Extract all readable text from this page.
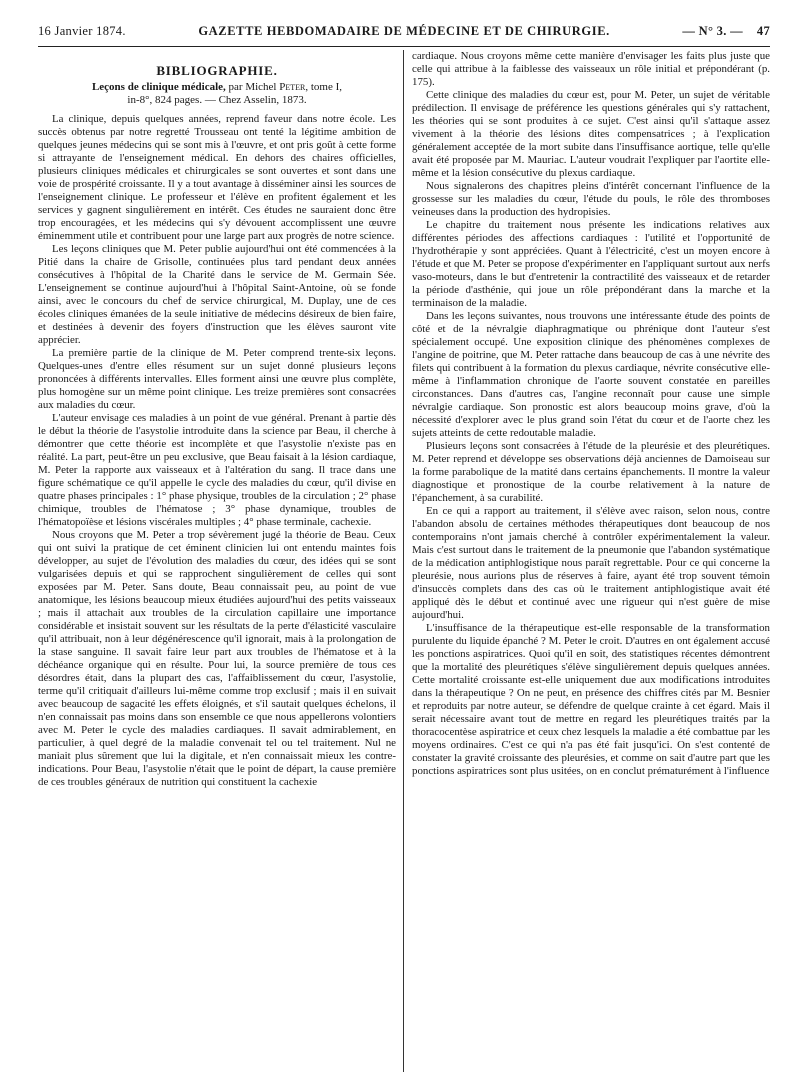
16 Janvier 1874.	GAZETTE HEBDOMADAIRE DE MÉDECINE ET DE CHIRURGIE.	— N° 3. — 47
BIBLIOGRAPHIE.
Leçons de clinique médicale, par Michel Peter, tome I,
in-8°, 824 pages. — Chez Asselin, 1873.

La clinique, depuis quelques années, reprend faveur dans notre école. Les succès obtenus par notre regretté Trousseau ont tenté la légitime ambition de quelques jeunes médecins qui se sont mis à l'œuvre, et ont pris goût à cette forme si attrayante de l'enseignement médical. En dehors des chaires officielles, plusieurs cliniques médicales et chirurgicales se sont ouvertes et sont dans une voie de prospérité croissante. Il y a tout avantage à disséminer ainsi les sources de l'enseignement clinique. Le professeur et l'élève en profitent également et les services y gagnent singulièrement en intérêt. Ces études ne sauraient donc être trop encouragées, et les médecins qui s'y dévouent accomplissent une œuvre éminemment utile et contribuent pour une large part aux progrès de notre science.

Les leçons cliniques que M. Peter publie aujourd'hui ont été commencées à la Pitié dans la chaire de Grisolle, continuées plus tard pendant deux années consécutives à l'hôpital de la Charité dans le service de M. Germain Sée. L'enseignement se continue aujourd'hui à l'hôpital Saint-Antoine, où se fonde ainsi, avec le concours du chef de service chirurgical, M. Duplay, une de ces écoles cliniques émanées de la seule initiative de médecins désireux de bien faire, et destinées à devenir des foyers d'instruction que les élèves sauront vite apprécier.

La première partie de la clinique de M. Peter comprend trente-six leçons. Quelques-unes d'entre elles résument sur un sujet donné plusieurs leçons prononcées à différents intervalles. Elles forment ainsi une œuvre plus complète, plus homogène sur un même point clinique. Les treize premières sont consacrées aux maladies du cœur.

L'auteur envisage ces maladies à un point de vue général. Prenant à partie dès le début la théorie de l'asystolie introduite dans la science par Beau, il cherche à démontrer que cette théorie est incomplète et que l'asystolie n'existe pas en réalité. La part, peut-être un peu exclusive, que Beau faisait à la lésion cardiaque, M. Peter la rapporte aux vaisseaux et à l'altération du sang. Il trace dans une figure schématique ce qu'il appelle le cycle des maladies du cœur, qu'il divise en quatre phases principales : 1° phase physique, troubles de la circulation ; 2° phase chimique, troubles de l'hématose ; 3° phase dynamique, troubles de l'hématopoïèse et lésions viscérales multiples ; 4° phase terminale, cachexie.

Nous croyons que M. Peter a trop sévèrement jugé la théorie de Beau. Ceux qui ont suivi la pratique de cet éminent clinicien lui ont entendu maintes fois développer, au sujet de l'évolution des maladies du cœur, des idées qui se sont vulgarisées depuis et qui se rapprochent singulièrement de celles qui sont exposées par M. Peter. Sans doute, Beau connaissait peu, au point de vue anatomique, les lésions beaucoup mieux étudiées aujourd'hui des petits vaisseaux ; mais il attachait aux troubles de la circulation capillaire une importance considérable et insistait souvent sur les résultats de la perte d'élasticité vasculaire qu'il attribuait, non à leur dégénérescence qu'il ignorait, mais à la prolongation de la stase sanguine. Il savait faire leur part aux troubles de l'hématose et à la déchéance organique qui en résulte. Pour lui, la source première de tous ces désordres était, dans la plupart des cas, l'affaiblissement du cœur, l'asystolie, terme qu'il critiquait d'ailleurs lui-même comme trop exclusif ; mais il en suivait avec beaucoup de sagacité les effets éloignés, et s'il sautait quelques échelons, il n'en connaissait pas moins dans son ensemble ce que nous appellerons volontiers avec M. Peter le cycle des maladies cardiaques. Il savait admirablement, en particulier, à quel degré de la maladie convenait tel ou tel traitement. Nul ne maniait plus sûrement que lui la digitale, et n'en connaissait mieux les contre-indications. Pour Beau, l'asystolie n'était que le point de départ, la cause première de ces troubles généraux de nutrition qui constituent la cachexie

cardiaque. Nous croyons même cette manière d'envisager les faits plus juste que celle qui attribue à la faiblesse des vaisseaux un rôle initial et prépondérant (p. 175).

Cette clinique des maladies du cœur est, pour M. Peter, un sujet de véritable prédilection. Il envisage de préférence les questions générales qui s'y rattachent, les théories qui se sont produites à ce sujet. C'est ainsi qu'il s'attaque assez vivement à la théorie des lésions dites compensatrices ; à l'explication généralement acceptée de la mort subite dans l'insuffisance aortique, telle qu'elle avait été proposée par M. Mauriac. L'auteur voudrait l'expliquer par l'aortite elle-même et la lésion consécutive du plexus cardiaque.

Nous signalerons des chapitres pleins d'intérêt concernant l'influence de la grossesse sur les maladies du cœur, l'étude du pouls, le rôle des thromboses veineuses dans la production des hydropisies.

Le chapitre du traitement nous présente les indications relatives aux différentes périodes des affections cardiaques : l'utilité et l'opportunité de l'hydrothérapie y sont appréciées. Quant à l'électricité, c'est un moyen encore à l'étude et que M. Peter se propose d'expérimenter en l'appliquant surtout aux nerfs vaso-moteurs, dans le but d'entretenir la contractilité des vaisseaux et de retarder la période d'asthénie, qui joue un rôle prépondérant dans la marche et la terminaison de la maladie.

Dans les leçons suivantes, nous trouvons une intéressante étude des points de côté et de la névralgie diaphragmatique ou phrénique dont l'auteur s'est spécialement occupé. Une exposition clinique des phénomènes complexes de l'angine de poitrine, que M. Peter rattache dans beaucoup de cas à une névrite des filets qui contribuent à la formation du plexus cardiaque, névrite consécutive elle-même à l'inflammation chronique de l'aorte souvent constatée en pareilles circonstances. Dans d'autres cas, l'angine reconnaît pour cause une simple névralgie cardiaque. Son pronostic est alors beaucoup moins grave, d'où la nécessité d'explorer avec le plus grand soin l'état du cœur et de l'aorte chez les sujets atteints de cette redoutable maladie.

Plusieurs leçons sont consacrées à l'étude de la pleurésie et des pleurétiques. M. Peter reprend et développe ses observations déjà anciennes de Damoiseau sur la forme parabolique de la matité dans certains épanchements. Il montre la valeur diagnostique et pronostique de la courbe relativement à la nature de l'épanchement, à sa curabilité.

En ce qui a rapport au traitement, il s'élève avec raison, selon nous, contre l'abandon absolu de certaines méthodes thérapeutiques dont beaucoup de nos contemporains n'ont jamais cherché à contrôler expérimentalement la valeur. Mais c'est surtout dans le traitement de la pneumonie que l'abandon systématique de la médication antiphlogistique nous paraît regrettable. Pour ce qui concerne la pleurésie, nous aurions plus de réserves à faire, ayant été trop souvent témoin d'insuccès complets dans des cas où le traitement antiphlogistique avait été appliqué dès le début et continué avec une rigueur qui n'est guère de mise aujourd'hui.

L'insuffisance de la thérapeutique est-elle responsable de la transformation purulente du liquide épanché ? M. Peter le croit. D'autres en ont également accusé les ponctions aspiratrices. Quoi qu'il en soit, des statistiques récentes démontrent que la mortalité des pleurétiques s'élève singulièrement depuis quelques années. Cette mortalité croissante est-elle uniquement due aux modifications introduites dans la thérapeutique ? On ne peut, en présence des chiffres cités par M. Besnier et reproduits par notre auteur, se défendre de quelque crainte à cet égard. Mais il serait nécessaire avant tout de mettre en regard les pleurétiques traités par la thoracocentèse aspiratrice et ceux chez lesquels la maladie a été combattue par les moyens ordinaires. C'est ce qui n'a pas été fait jusqu'ici. On s'est contenté de constater la gravité croissante des pleurésies, et comme on sait d'autre part que les ponctions aspiratrices sont plus usitées, on en conclut prématurément à l'influence
